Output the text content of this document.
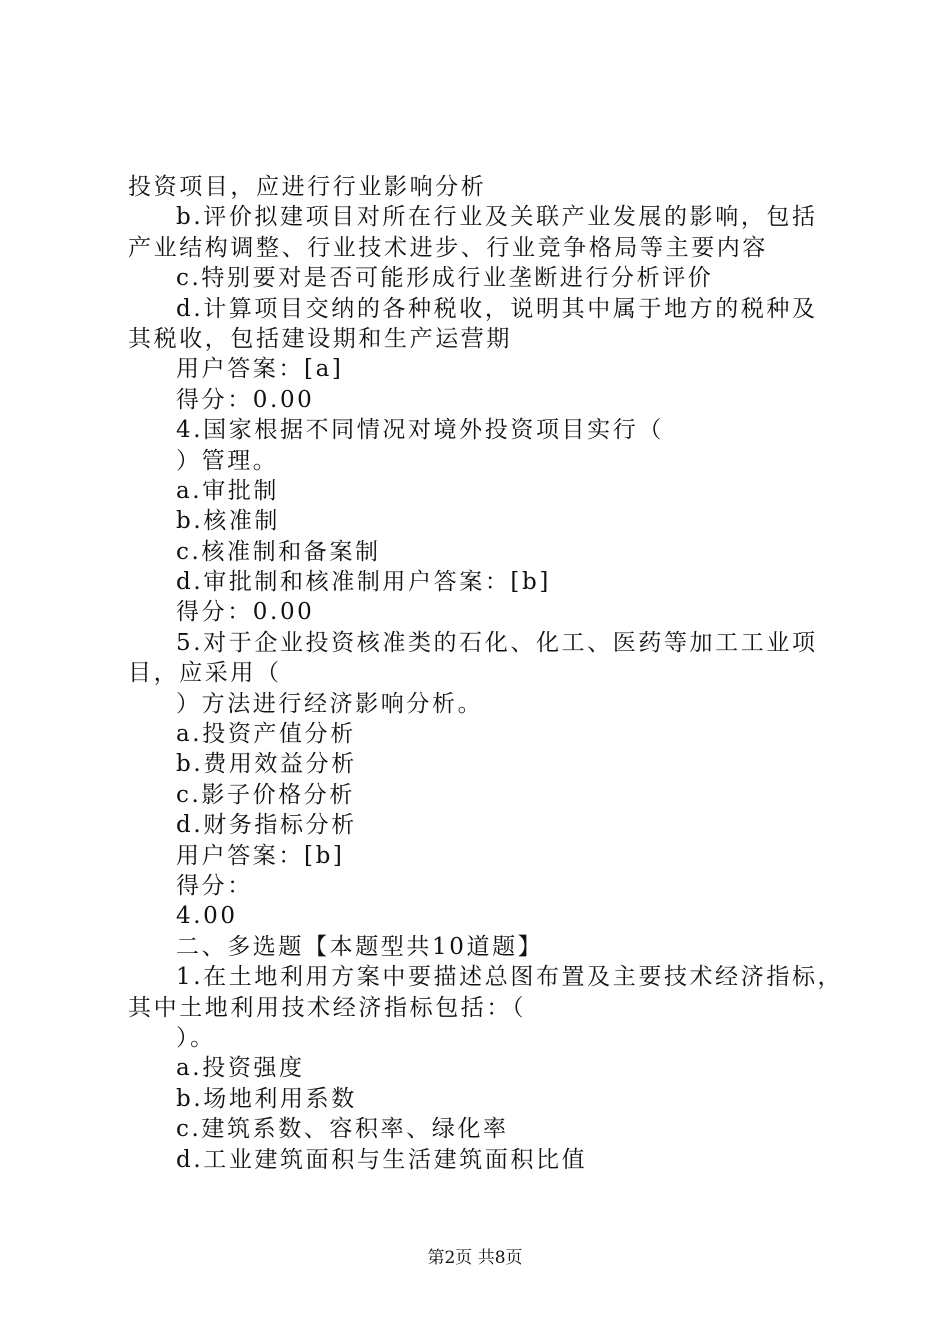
投资项目，应进行行业影响分析
b.评价拟建项目对所在行业及关联产业发展的影响，包括
产业结构调整、行业技术进步、行业竞争格局等主要内容
c.特别要对是否可能形成行业垄断进行分析评价
d.计算项目交纳的各种税收，说明其中属于地方的税种及
其税收，包括建设期和生产运营期
用户答案：[a]
得分：0.00
4.国家根据不同情况对境外投资项目实行（
）管理。
a.审批制
b.核准制
c.核准制和备案制
d.审批制和核准制用户答案：[b]
得分：0.00
5.对于企业投资核准类的石化、化工、医药等加工工业项
目，应采用（
）方法进行经济影响分析。
a.投资产值分析
b.费用效益分析
c.影子价格分析
d.财务指标分析
用户答案：[b]
得分：
4.00
二、多选题【本题型共10道题】
1.在土地利用方案中要描述总图布置及主要技术经济指标，
其中土地利用技术经济指标包括：（
）。
a.投资强度
b.场地利用系数
c.建筑系数、容积率、绿化率
d.工业建筑面积与生活建筑面积比值
第2页 共8页
